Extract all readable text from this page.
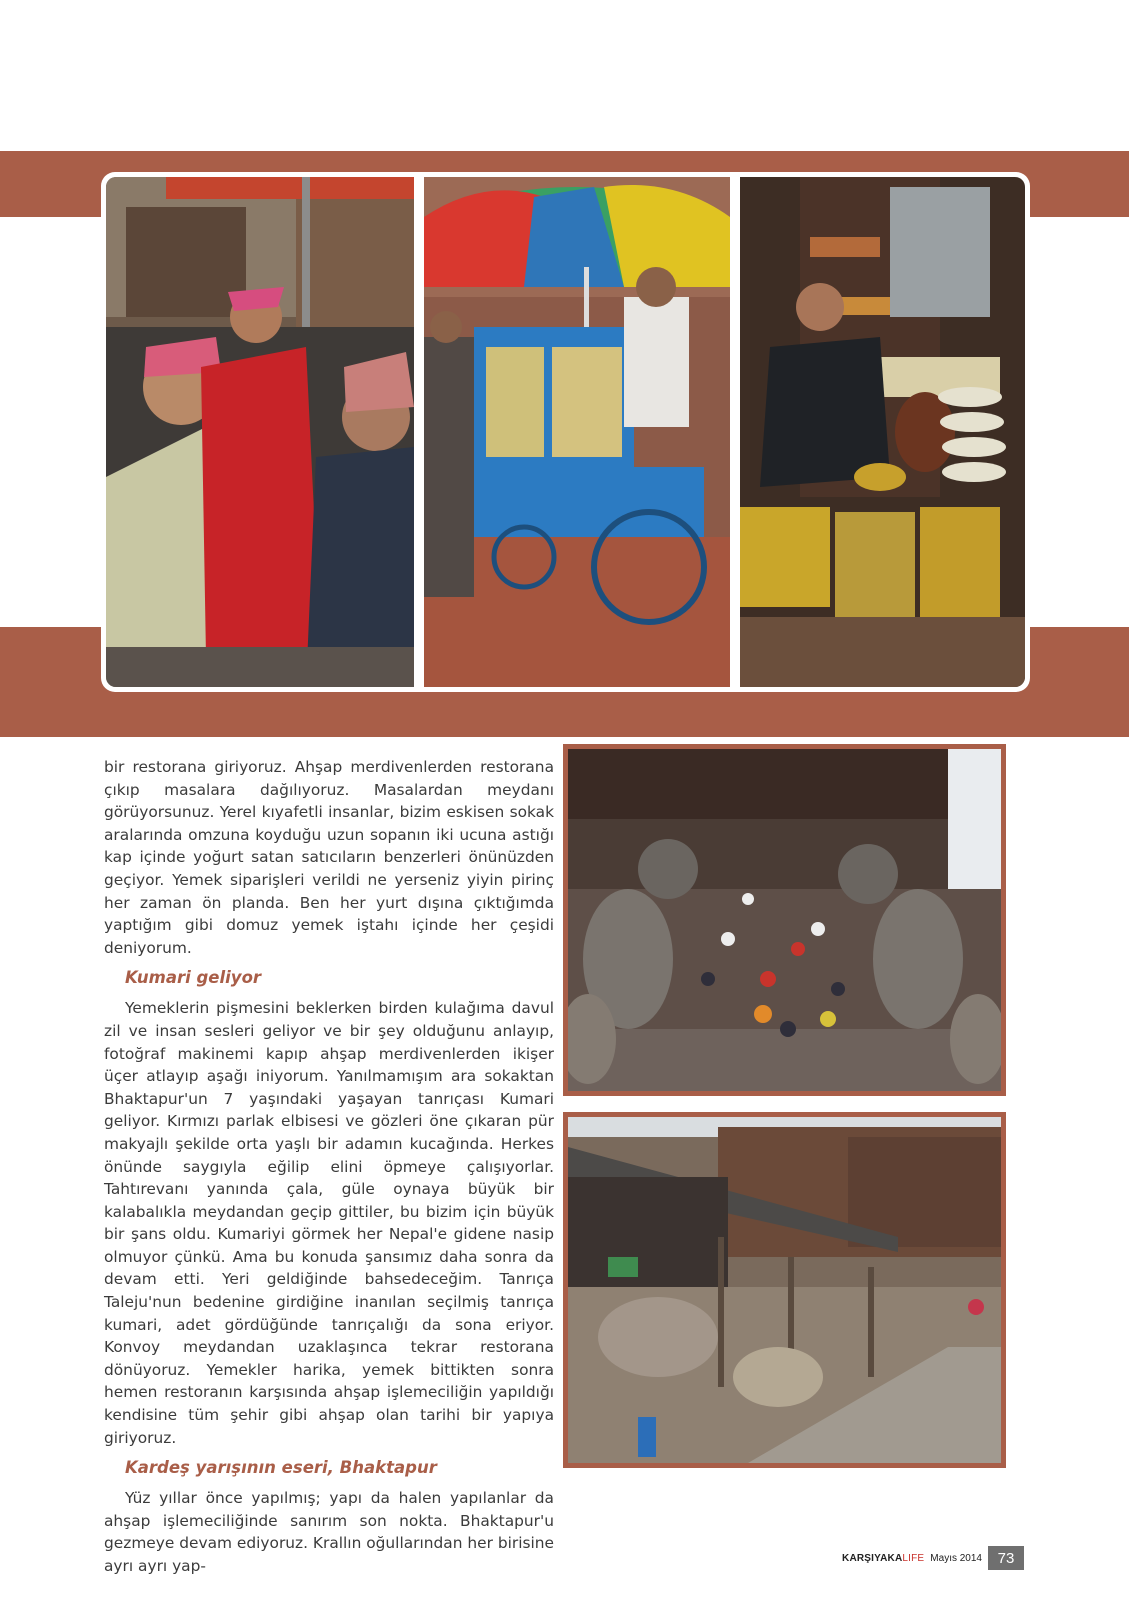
bir restorana giriyoruz. Ahşap merdivenlerden restorana çıkıp masalara dağılıyoruz. Masalardan meydanı görüyorsunuz. Yerel kıyafetli insanlar, bizim eskisen sokak aralarında omzuna koyduğu uzun sopanın iki ucuna astığı kap içinde yoğurt satan satıcıların benzerleri önünüzden geçiyor. Yemek siparişleri verildi ne yerseniz yiyin pirinç her zaman ön planda. Ben her yurt dışına çıktığımda yaptığım gibi domuz yemek iştahı içinde her çeşidi deniyorum.

Kumari geliyor

Yemeklerin pişmesini beklerken birden kulağıma davul zil ve insan sesleri geliyor ve bir şey olduğunu anlayıp, fotoğraf makinemi kapıp ahşap merdivenlerden ikişer üçer atlayıp aşağı iniyorum. Yanılmamışım ara sokaktan Bhaktapur'un 7 yaşındaki yaşayan tanrıçası Kumari geliyor. Kırmızı parlak elbisesi ve gözleri öne çıkaran pür makyajlı şekilde orta yaşlı bir adamın kucağında. Herkes önünde saygıyla eğilip elini öpmeye çalışıyorlar. Tahtırevanı yanında çala, güle oynaya büyük bir kalabalıkla meydandan geçip gittiler, bu bizim için büyük bir şans oldu. Kumariyi görmek her Nepal'e gidene nasip olmuyor çünkü. Ama bu konuda şansımız daha sonra da devam etti. Yeri geldiğinde bahsedeceğim. Tanrıça Taleju'nun bedenine girdiğine inanılan seçilmiş tanrıça kumari, adet gördüğünde tanrıçalığı da sona eriyor. Konvoy meydandan uzaklaşınca tekrar restorana dönüyoruz. Yemekler harika, yemek bittikten sonra hemen restoranın karşısında ahşap işlemeciliğin yapıldığı kendisine tüm şehir gibi ahşap olan tarihi bir yapıya giriyoruz.

Kardeş yarışının eseri, Bhaktapur

Yüz yıllar önce yapılmış; yapı da halen yapılanlar da ahşap işlemeciliğinde sanırım son nokta. Bhaktapur'u gezmeye devam ediyoruz. Krallın oğullarından her birisine ayrı ayrı yap-	KARŞIYAKALIFE Mayıs 2014	73
